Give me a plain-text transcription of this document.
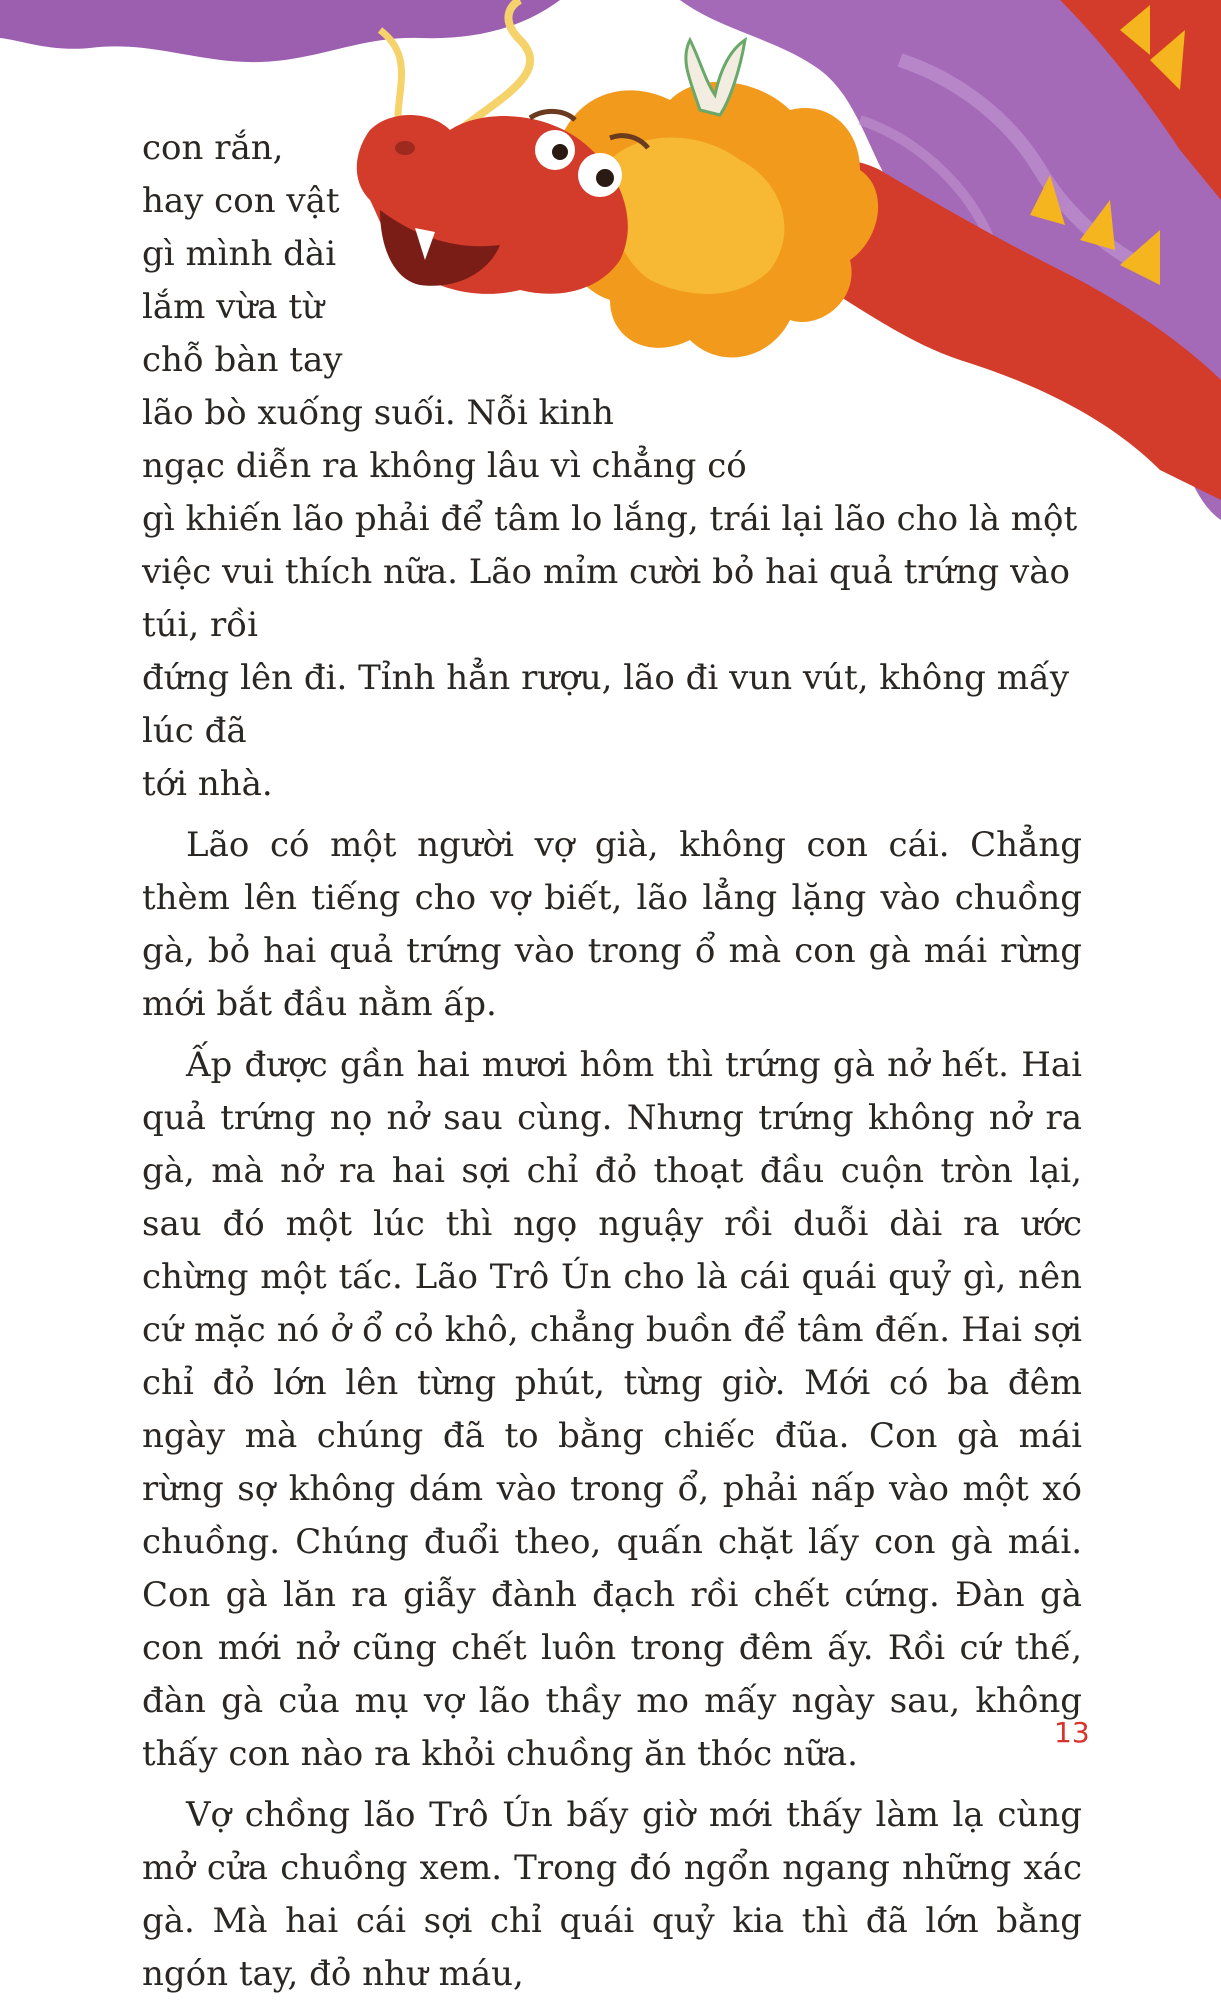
con rắn,
hay con vật
gì mình dài
lắm vừa từ
chỗ bàn tay
lão bò xuống suối. Nỗi kinh
ngạc diễn ra không lâu vì chẳng có
gì khiến lão phải để tâm lo lắng, trái lại lão cho là một
việc vui thích nữa. Lão mỉm cười bỏ hai quả trứng vào túi, rồi
đứng lên đi. Tỉnh hẳn rượu, lão đi vun vút, không mấy lúc đã
tới nhà.

Lão có một người vợ già, không con cái. Chẳng thèm lên tiếng cho vợ biết, lão lẳng lặng vào chuồng gà, bỏ hai quả trứng vào trong ổ mà con gà mái rừng mới bắt đầu nằm ấp.

Ấp được gần hai mươi hôm thì trứng gà nở hết. Hai quả trứng nọ nở sau cùng. Nhưng trứng không nở ra gà, mà nở ra hai sợi chỉ đỏ thoạt đầu cuộn tròn lại, sau đó một lúc thì ngọ nguậy rồi duỗi dài ra ước chừng một tấc. Lão Trô Ún cho là cái quái quỷ gì, nên cứ mặc nó ở ổ cỏ khô, chẳng buồn để tâm đến. Hai sợi chỉ đỏ lớn lên từng phút, từng giờ. Mới có ba đêm ngày mà chúng đã to bằng chiếc đũa. Con gà mái rừng sợ không dám vào trong ổ, phải nấp vào một xó chuồng. Chúng đuổi theo, quấn chặt lấy con gà mái. Con gà lăn ra giẫy đành đạch rồi chết cứng. Đàn gà con mới nở cũng chết luôn trong đêm ấy. Rồi cứ thế, đàn gà của mụ vợ lão thầy mo mấy ngày sau, không thấy con nào ra khỏi chuồng ăn thóc nữa.

Vợ chồng lão Trô Ún bấy giờ mới thấy làm lạ cùng mở cửa chuồng xem. Trong đó ngổn ngang những xác gà. Mà hai cái sợi chỉ quái quỷ kia thì đã lớn bằng ngón tay, đỏ như máu,

13
